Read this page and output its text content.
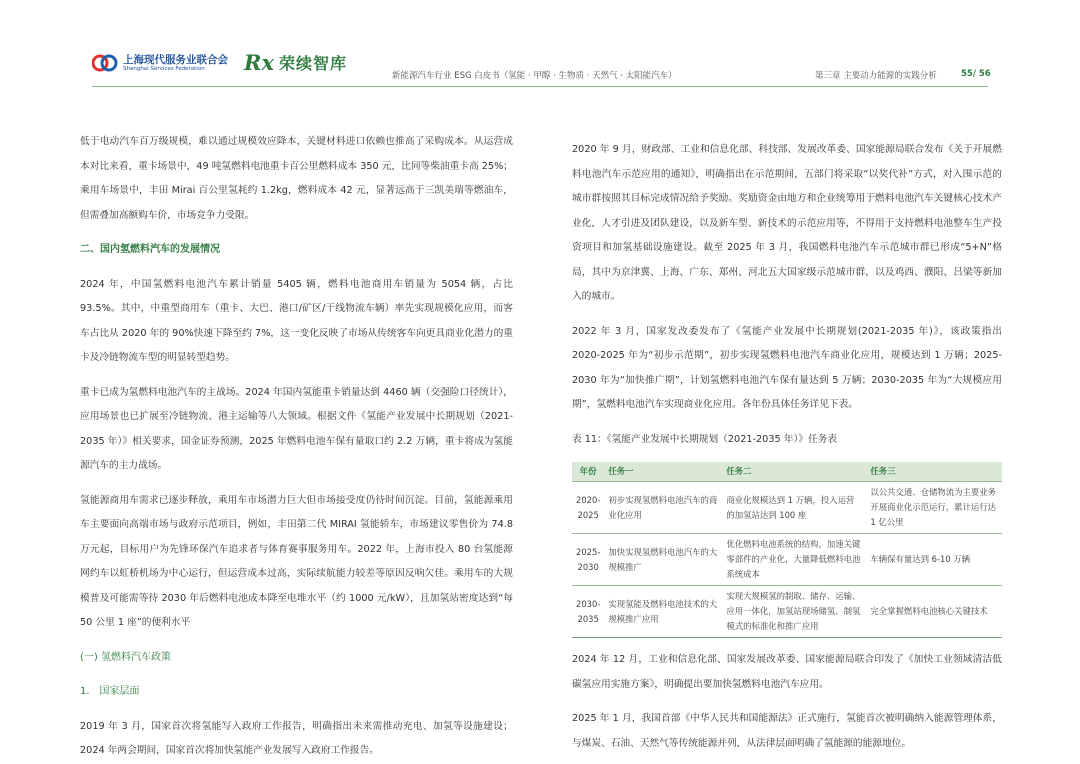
上海现代服务业联合会
Shanghai Services Federation	Rx 荣续智库
新能源汽车行业 ESG 白皮书（氢能 · 甲醇 · 生物质 · 天然气 · 太阳能汽车）	第三章 主要动力能源的实践分析	55/ 56
低于电动汽车百万级规模，难以通过规模效应降本，关键材料进口依赖也推高了采购成本。从运营成本对比来看，重卡场景中，49 吨氢燃料电池重卡百公里燃料成本 350 元，比同等柴油重卡高 25%；乘用车场景中，丰田 Mirai 百公里氢耗约 1.2kg，燃料成本 42 元，显著远高于三凯美瑞等燃油车，但需叠加高额购车价，市场竞争力受限。
二、国内氢燃料汽车的发展情况
2024 年，中国氢燃料电池汽车累计销量 5405 辆，燃料电池商用车销量为 5054 辆，占比 93.5%。其中，中重型商用车（重卡、大巴、港口/矿区/干线物流车辆）率先实现规模化应用，而客车占比从 2020 年的 90%快速下降至约 7%，这一变化反映了市场从传统客车向更具商业化潜力的重卡及冷链物流车型的明显转型趋势。
重卡已成为氢燃料电池汽车的主战场。2024 年国内氢能重卡销量达到 4460 辆（交强险口径统计），应用场景也已扩展至冷链物流、港主运输等八大领域。根据文件《氢能产业发展中长期规划（2021-2035 年）》相关要求，国金证券预测，2025 年燃料电池车保有量取口约 2.2 万辆，重卡将成为氢能源汽车的主力战场。
氢能源商用车需求已逐步释放，乘用车市场潜力巨大但市场接受度仍待时间沉淀。目前，氢能源乘用车主要面向高端市场与政府示范项目，例如，丰田第二代 MIRAI 氢能轿车，市场建议零售价为 74.8 万元起，目标用户为先锋环保汽车追求者与体育赛事服务用车。2022 年，上海市投入 80 台氢能源网约车以虹桥机场为中心运行，但运营成本过高，实际续航能力较差等原因反响欠佳。乘用车的大规模普及可能需等待 2030 年后燃料电池成本降至电堆水平（约 1000 元/kW），且加氢站密度达到“每 50 公里 1 座”的便利水平
(一) 氢燃料汽车政策
1.　国家层面
2019 年 3 月，国家首次将氢能写入政府工作报告，明确指出未来需推动充电、加氢等设施建设；2024 年两会期间，国家首次将加快氢能产业发展写入政府工作报告。
2020 年 9 月，财政部、工业和信息化部、科技部、发展改革委、国家能源局联合发布《关于开展燃料电池汽车示范应用的通知》，明确指出在示范期间，五部门将采取“以奖代补”方式，对入围示范的城市群按照其目标完成情况给予奖励。奖励资金由地方和企业统筹用于燃料电池汽车关键核心技术产业化，人才引进及团队建设，以及新车型、新技术的示范应用等，不得用于支持燃料电池整车生产投资项目和加氢基础设施建设。截至 2025 年 3 月，我国燃料电池汽车示范城市群已形成“5+N”格局，其中为京津冀、上海、广东、郑州、河北五大国家级示范城市群，以及鸡西、濮阳、吕梁等新加入的城市。
2022 年 3 月，国家发改委发布了《氢能产业发展中长期规划(2021-2035 年)》，该政策指出 2020-2025 年为“初步示范期”，初步实现氢燃料电池汽车商业化应用，规模达到 1 万辆；2025-2030 年为“加快推广期”，计划氢燃料电池汽车保有量达到 5 万辆；2030-2035 年为“大规模应用期”，氢燃料电池汽车实现商业化应用。各年份具体任务详见下表。
表 11：《氢能产业发展中长期规划（2021-2035 年）》任务表
年份	任务一	任务二	任务三
2020-
2025	初步实现氢燃料电池汽车的商业化应用	商业化规模达到 1 万辆，投入运营的加氢站达到 100 座	以公共交通、仓储物流为主要业务开展商业化示范运行，累计运行达 1 亿公里
2025-
2030	加快实现氢燃料电池汽车的大规模推广	优化燃料电池系统的结构，加速关键零部件的产业化，大量降低燃料电池系统成本	车辆保有量达到 6-10 万辆
2030-
2035	实现氢能及燃料电池技术的大规模推广应用	实现大规模氢的制取、储存、运输、应用一体化，加氢站现场储氢、制氢模式的标准化和推广应用	完全掌握燃料电池核心关键技术
2024 年 12 月，工业和信息化部、国家发展改革委、国家能源局联合印发了《加快工业领域清洁低碳氢应用实施方案》，明确提出要加快氢燃料电池汽车应用。
2025 年 1 月，我国首部《中华人民共和国能源法》正式施行，氢能首次被明确纳入能源管理体系，与煤炭、石油、天然气等传统能源并列，从法律层面明确了氢能源的能源地位。
